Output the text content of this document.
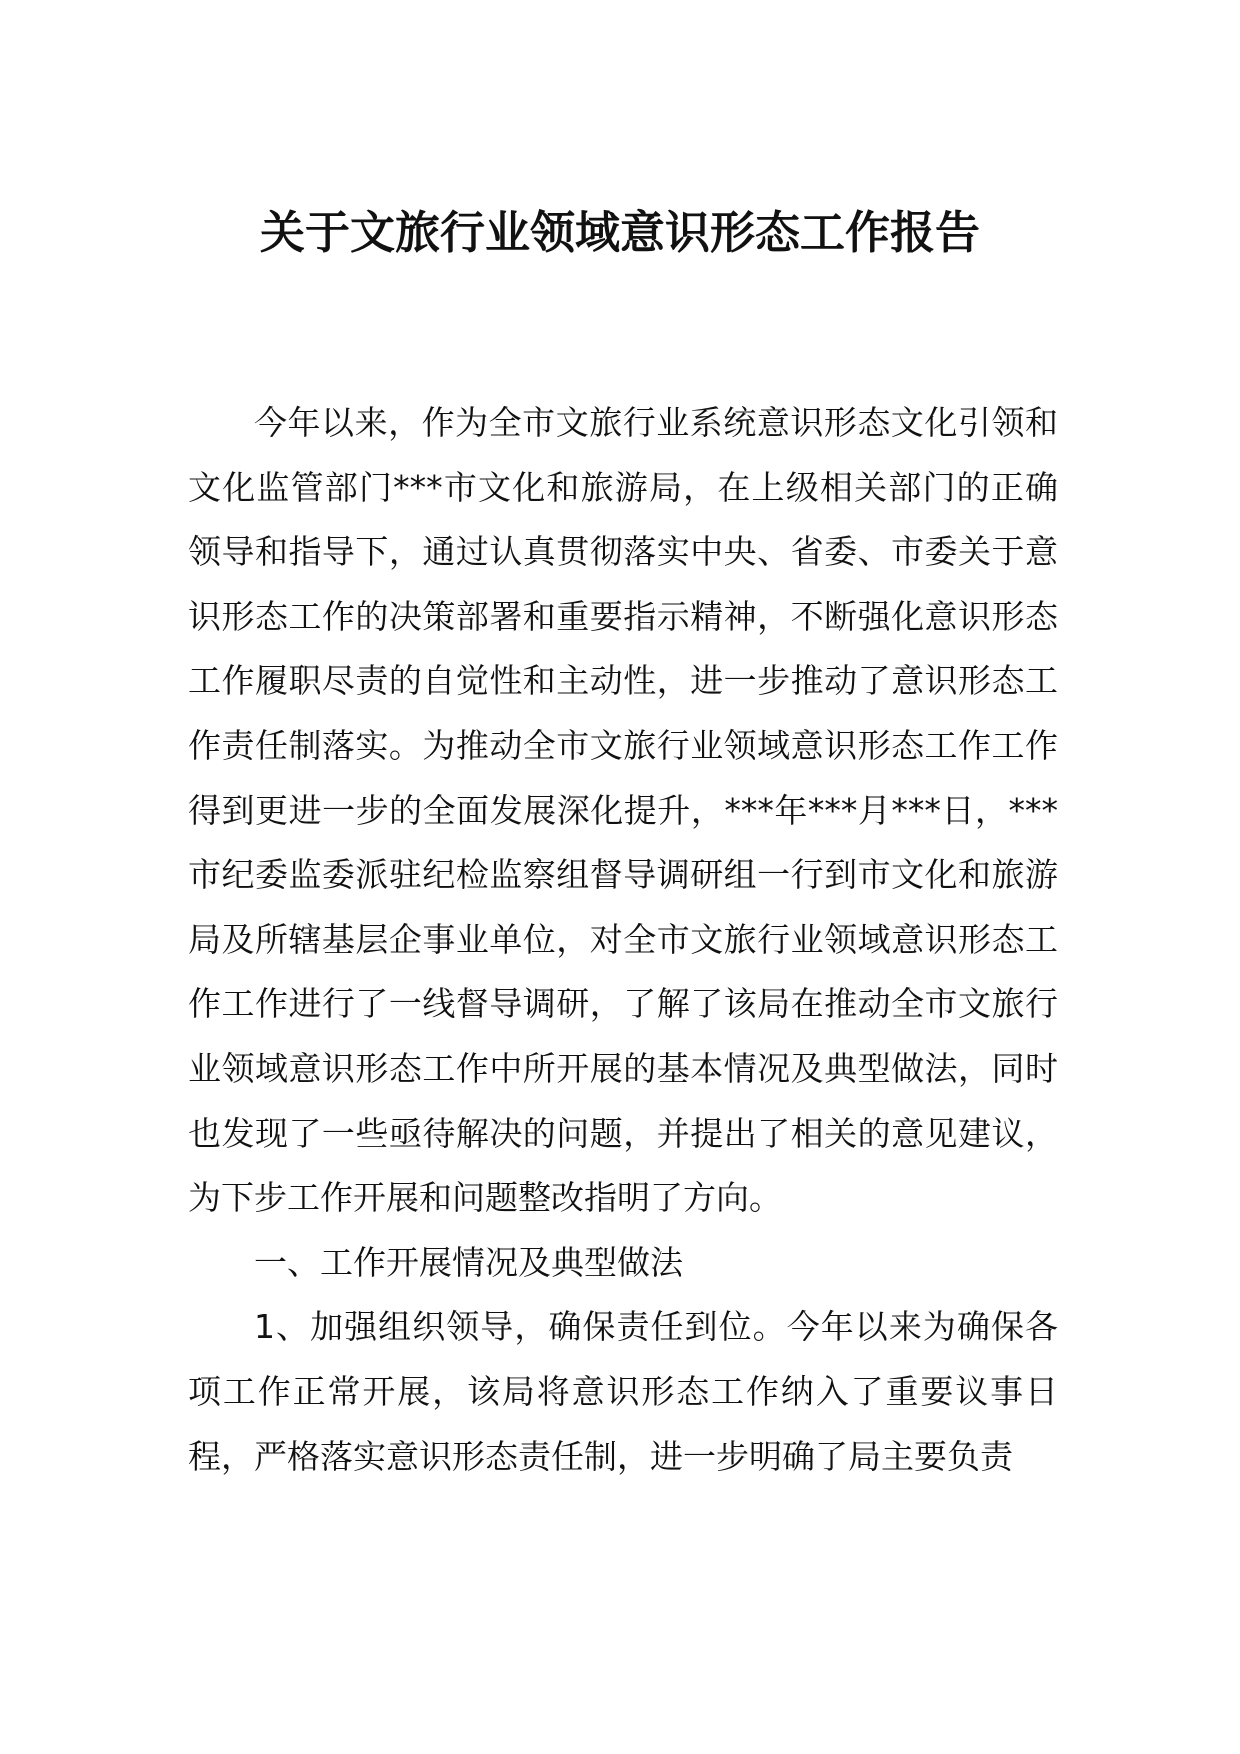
关于文旅行业领域意识形态工作报告

今年以来，作为全市文旅行业系统意识形态文化引领和文化监管部门***市文化和旅游局，在上级相关部门的正确领导和指导下，通过认真贯彻落实中央、省委、市委关于意识形态工作的决策部署和重要指示精神，不断强化意识形态工作履职尽责的自觉性和主动性，进一步推动了意识形态工作责任制落实。为推动全市文旅行业领域意识形态工作工作得到更进一步的全面发展深化提升，***年***月***日，***市纪委监委派驻纪检监察组督导调研组一行到市文化和旅游局及所辖基层企事业单位，对全市文旅行业领域意识形态工作工作进行了一线督导调研，了解了该局在推动全市文旅行业领域意识形态工作中所开展的基本情况及典型做法，同时也发现了一些亟待解决的问题，并提出了相关的意见建议，为下步工作开展和问题整改指明了方向。

一、工作开展情况及典型做法

1、加强组织领导，确保责任到位。今年以来为确保各项工作正常开展，该局将意识形态工作纳入了重要议事日程，严格落实意识形态责任制，进一步明确了局主要负责
